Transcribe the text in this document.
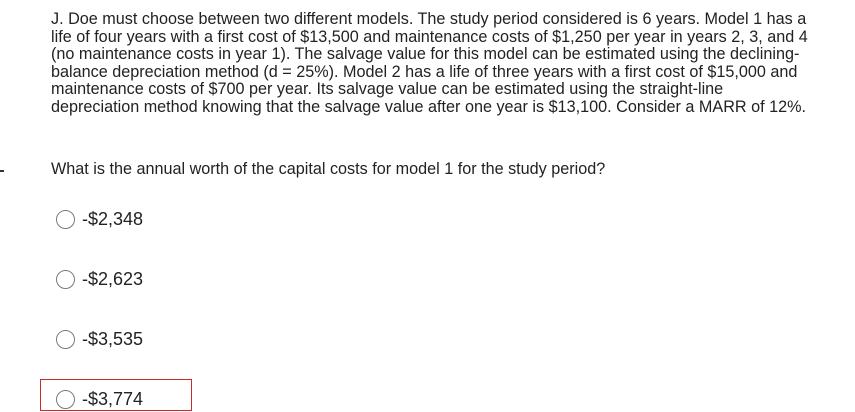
J. Doe must choose between two different models. The study period considered is 6 years. Model 1 has a life of four years with a first cost of $13,500 and maintenance costs of $1,250 per year in years 2, 3, and 4 (no maintenance costs in year 1). The salvage value for this model can be estimated using the declining-balance depreciation method (d = 25%). Model 2 has a life of three years with a first cost of $15,000 and maintenance costs of $700 per year. Its salvage value can be estimated using the straight-line depreciation method knowing that the salvage value after one year is $13,100. Consider a MARR of 12%.

What is the annual worth of the capital costs for model 1 for the study period?

-$2,348
-$2,623
-$3,535
-$3,774
